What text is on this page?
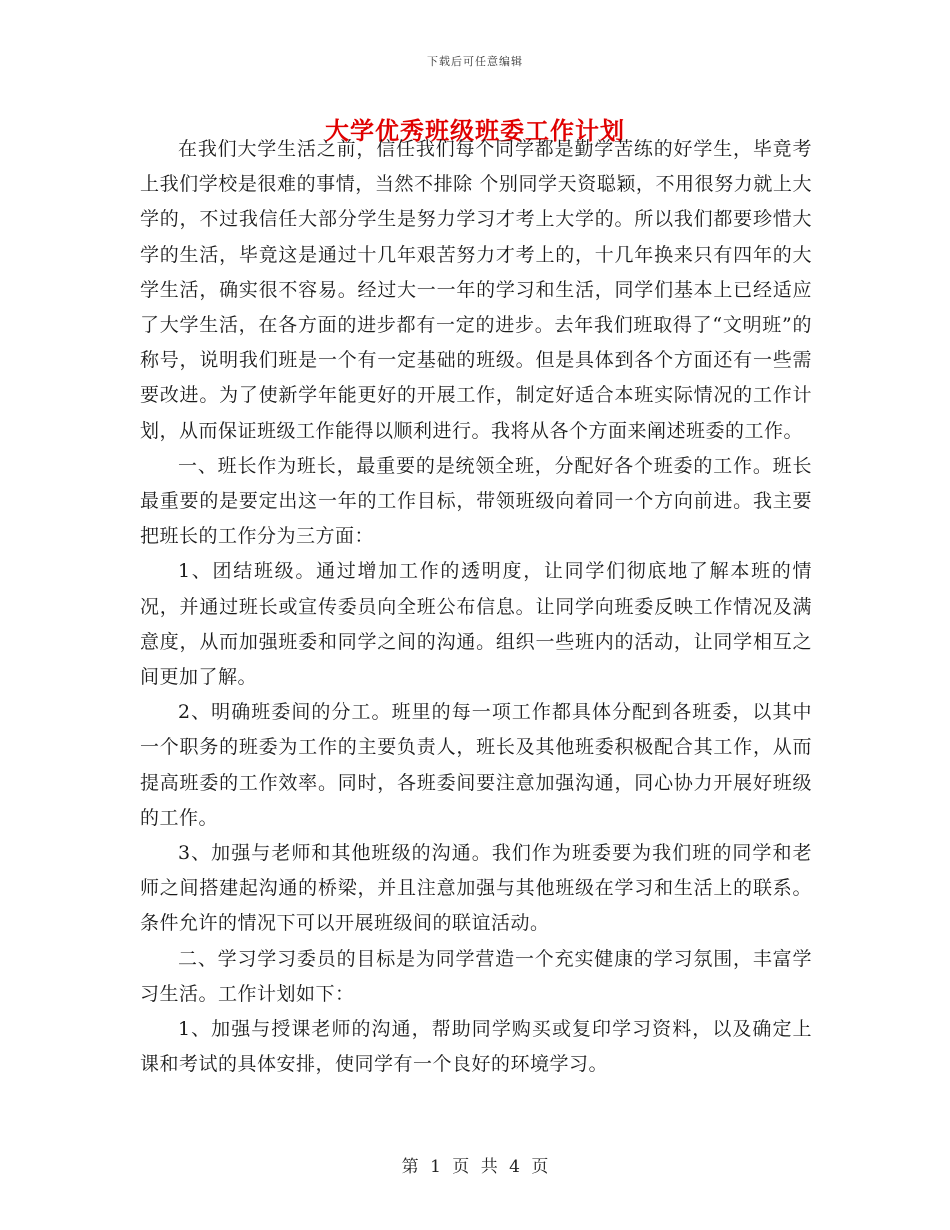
下载后可任意编辑
大学优秀班级班委工作计划

在我们大学生活之前，信任我们每个同学都是勤学苦练的好学生，毕竟考上我们学校是很难的事情，当然不排除 个别同学天资聪颖，不用很努力就上大学的，不过我信任大部分学生是努力学习才考上大学的。所以我们都要珍惜大学的生活，毕竟这是通过十几年艰苦努力才考上的，十几年换来只有四年的大学生活，确实很不容易。经过大一一年的学习和生活，同学们基本上已经适应了大学生活，在各方面的进步都有一定的进步。去年我们班取得了“文明班”的称号，说明我们班是一个有一定基础的班级。但是具体到各个方面还有一些需要改进。为了使新学年能更好的开展工作，制定好适合本班实际情况的工作计划，从而保证班级工作能得以顺利进行。我将从各个方面来阐述班委的工作。

一、班长作为班长，最重要的是统领全班，分配好各个班委的工作。班长最重要的是要定出这一年的工作目标，带领班级向着同一个方向前进。我主要把班长的工作分为三方面：

1、团结班级。通过增加工作的透明度，让同学们彻底地了解本班的情况，并通过班长或宣传委员向全班公布信息。让同学向班委反映工作情况及满意度，从而加强班委和同学之间的沟通。组织一些班内的活动，让同学相互之间更加了解。

2、明确班委间的分工。班里的每一项工作都具体分配到各班委，以其中一个职务的班委为工作的主要负责人，班长及其他班委积极配合其工作，从而提高班委的工作效率。同时，各班委间要注意加强沟通，同心协力开展好班级的工作。

3、加强与老师和其他班级的沟通。我们作为班委要为我们班的同学和老师之间搭建起沟通的桥梁，并且注意加强与其他班级在学习和生活上的联系。条件允许的情况下可以开展班级间的联谊活动。

二、学习学习委员的目标是为同学营造一个充实健康的学习氛围，丰富学习生活。工作计划如下：

1、加强与授课老师的沟通，帮助同学购买或复印学习资料，以及确定上课和考试的具体安排，使同学有一个良好的环境学习。

第 1 页 共 4 页
